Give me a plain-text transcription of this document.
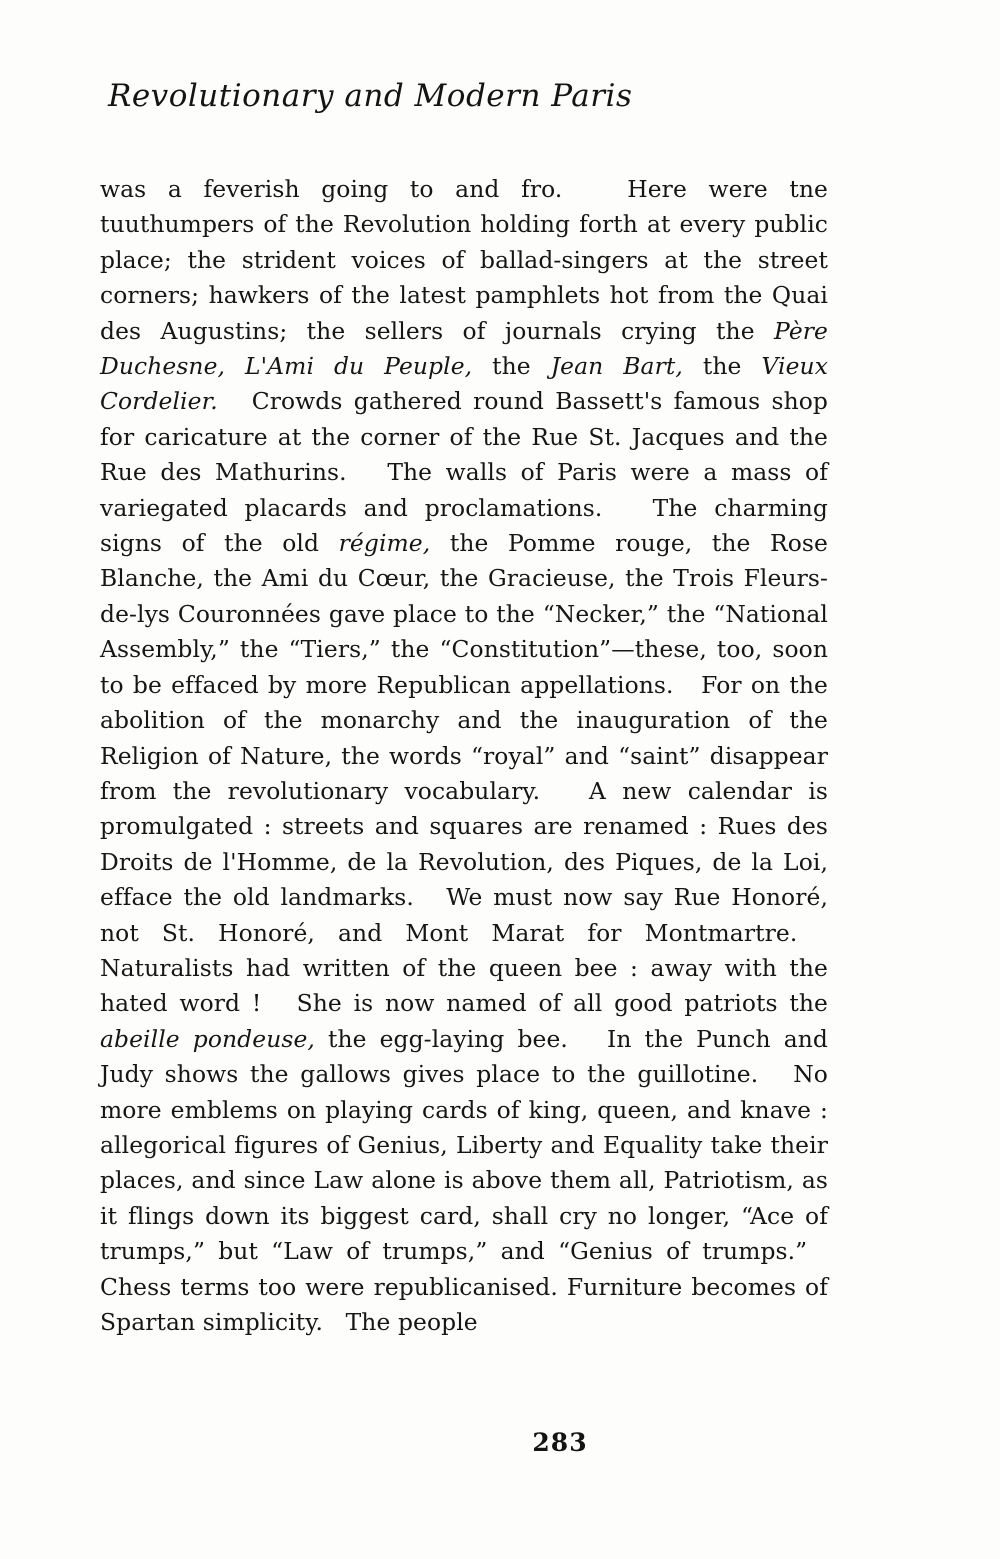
Revolutionary and Modern Paris

was a feverish going to and fro.   Here were tne tuuthumpers of the Revolution holding forth at every public place; the strident voices of ballad-singers at the street corners; hawkers of the latest pamphlets hot from the Quai des Augustins; the sellers of journals crying the Père Duchesne, L'Ami du Peuple, the Jean Bart, the Vieux Cordelier.   Crowds gathered round Bassett's famous shop for caricature at the corner of the Rue St. Jacques and the Rue des Mathurins.   The walls of Paris were a mass of variegated placards and proclamations.   The charming signs of the old régime, the Pomme rouge, the Rose Blanche, the Ami du Cœur, the Gracieuse, the Trois Fleurs-de-lys Couronnées gave place to the “Necker,” the “National Assembly,” the “Tiers,” the “Constitution”—these, too, soon to be effaced by more Republican appellations.   For on the abolition of the monarchy and the inauguration of the Religion of Nature, the words “royal” and “saint” disappear from the revolutionary vocabulary.   A new calendar is promulgated : streets and squares are renamed : Rues des Droits de l'Homme, de la Revolution, des Piques, de la Loi, efface the old landmarks.   We must now say Rue Honoré, not St. Honoré, and Mont Marat for Montmartre.   Naturalists had written of the queen bee : away with the hated word !   She is now named of all good patriots the abeille pondeuse, the egg-laying bee.   In the Punch and Judy shows the gallows gives place to the guillotine.   No more emblems on playing cards of king, queen, and knave : allegorical figures of Genius, Liberty and Equality take their places, and since Law alone is above them all, Patriotism, as it flings down its biggest card, shall cry no longer, “Ace of trumps,” but “Law of trumps,” and “Genius of trumps.”   Chess terms too were republicanised. Furniture becomes of Spartan simplicity.   The people

283
